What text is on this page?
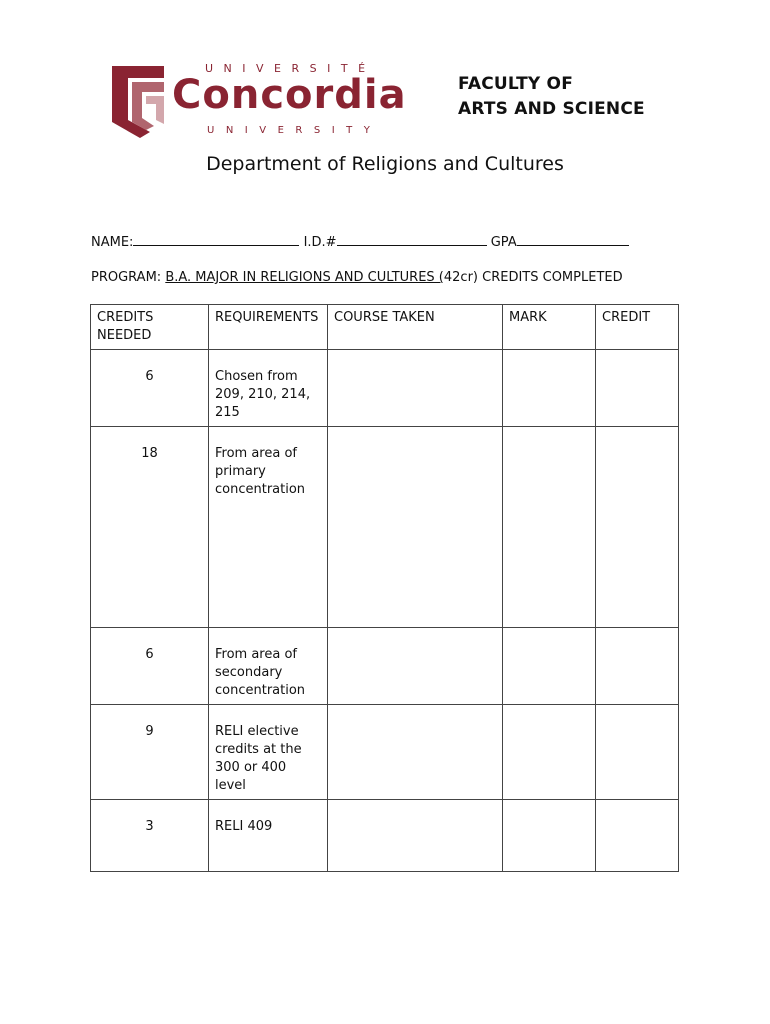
UNIVERSITÉ
Concordia
UNIVERSITY
FACULTY OF
ARTS AND SCIENCE
Department of Religions and Cultures
NAME:	I.D.#	GPA
PROGRAM: B.A. MAJOR IN RELIGIONS AND CULTURES (42cr) CREDITS COMPLETED
CREDITS NEEDED	REQUIREMENTS	COURSE TAKEN	MARK	CREDIT
6	Chosen from 209, 210, 214, 215			
18	From area of primary concentration			
6	From area of secondary concentration			
9	RELI elective credits at the 300 or 400 level			
3	RELI 409			
